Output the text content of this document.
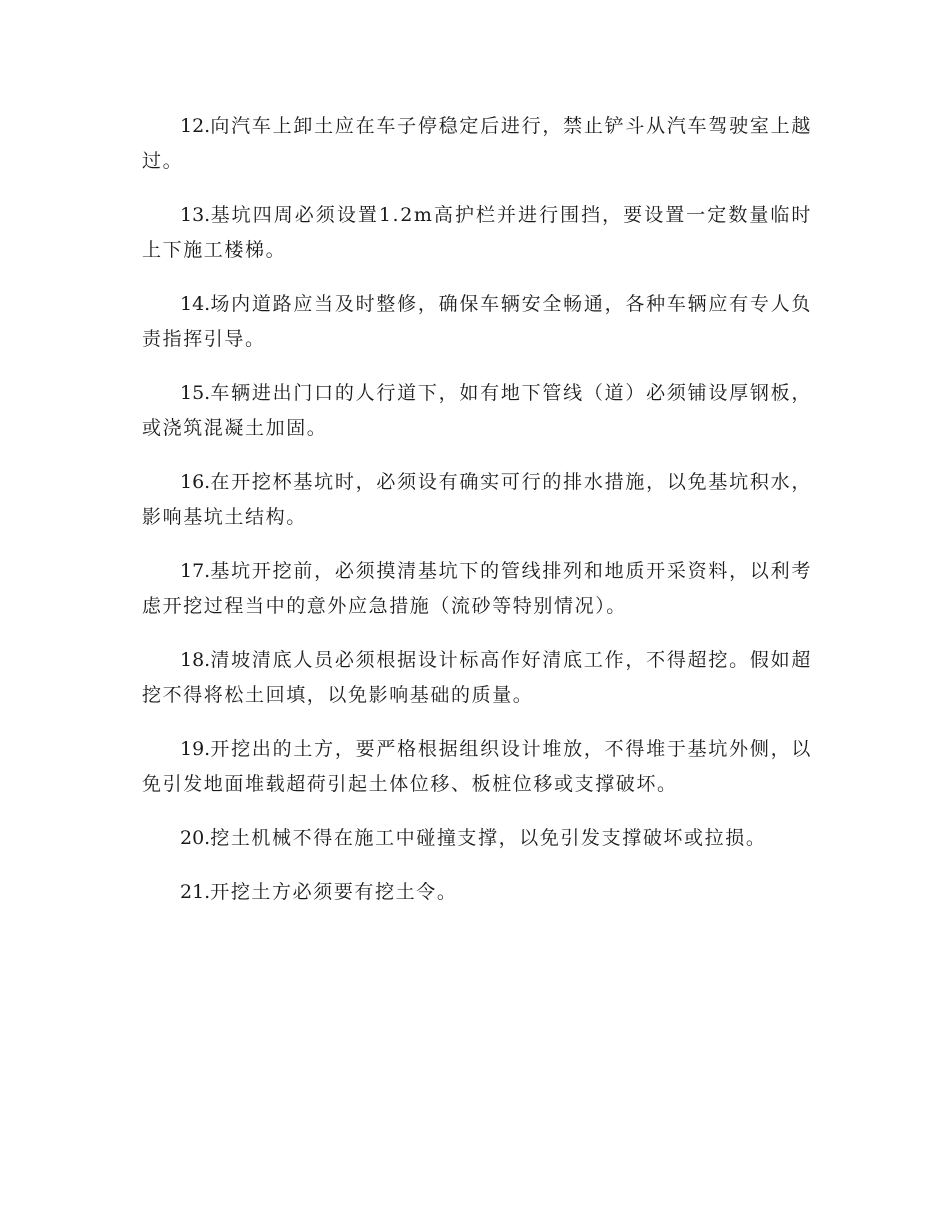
12.向汽车上卸土应在车子停稳定后进行，禁止铲斗从汽车驾驶室上越过。

13.基坑四周必须设置1.2m高护栏并进行围挡，要设置一定数量临时上下施工楼梯。

14.场内道路应当及时整修，确保车辆安全畅通，各种车辆应有专人负责指挥引导。

15.车辆进出门口的人行道下，如有地下管线（道）必须铺设厚钢板，或浇筑混凝土加固。

16.在开挖杯基坑时，必须设有确实可行的排水措施，以免基坑积水，影响基坑土结构。

17.基坑开挖前，必须摸清基坑下的管线排列和地质开采资料，以利考虑开挖过程当中的意外应急措施（流砂等特别情况）。

18.清坡清底人员必须根据设计标高作好清底工作，不得超挖。假如超挖不得将松土回填，以免影响基础的质量。

19.开挖出的土方，要严格根据组织设计堆放，不得堆于基坑外侧，以免引发地面堆载超荷引起土体位移、板桩位移或支撑破坏。

20.挖土机械不得在施工中碰撞支撑，以免引发支撑破坏或拉损。

21.开挖土方必须要有挖土令。
